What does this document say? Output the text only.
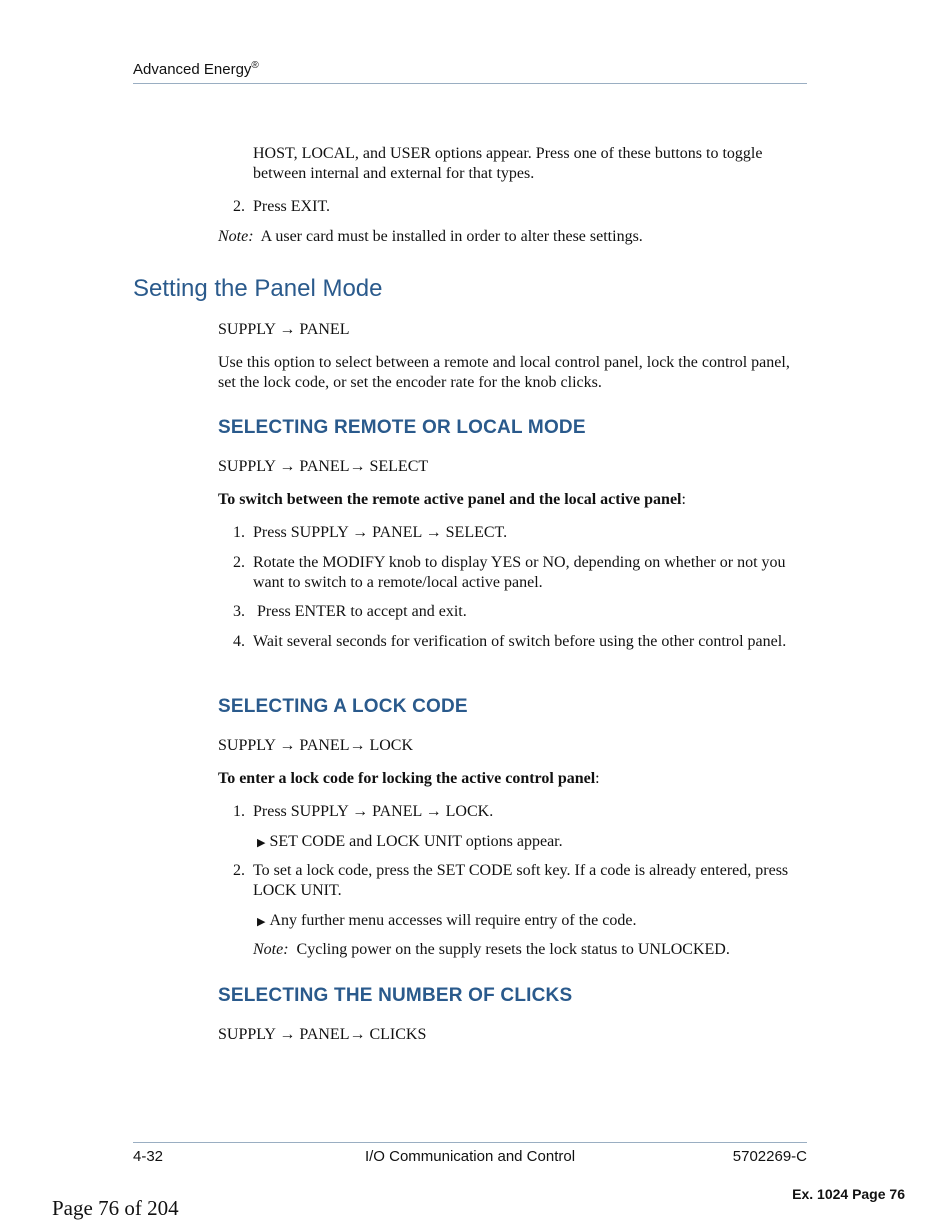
Advanced Energy®
HOST, LOCAL, and USER options appear. Press one of these buttons to toggle between internal and external for that types.
2. Press EXIT.
Note: A user card must be installed in order to alter these settings.
Setting the Panel Mode
SUPPLY → PANEL
Use this option to select between a remote and local control panel, lock the control panel, set the lock code, or set the encoder rate for the knob clicks.
SELECTING REMOTE OR LOCAL MODE
SUPPLY → PANEL→ SELECT
To switch between the remote active panel and the local active panel:
1. Press SUPPLY → PANEL → SELECT.
2. Rotate the MODIFY knob to display YES or NO, depending on whether or not you want to switch to a remote/local active panel.
3. Press ENTER to accept and exit.
4. Wait several seconds for verification of switch before using the other control panel.
SELECTING A LOCK CODE
SUPPLY → PANEL→ LOCK
To enter a lock code for locking the active control panel:
1. Press SUPPLY → PANEL → LOCK.
▶ SET CODE and LOCK UNIT options appear.
2. To set a lock code, press the SET CODE soft key. If a code is already entered, press LOCK UNIT.
▶ Any further menu accesses will require entry of the code.
Note: Cycling power on the supply resets the lock status to UNLOCKED.
SELECTING THE NUMBER OF CLICKS
SUPPLY → PANEL→ CLICKS
4-32	I/O Communication and Control	5702269-C
Ex. 1024 Page 76
Page 76 of 204
